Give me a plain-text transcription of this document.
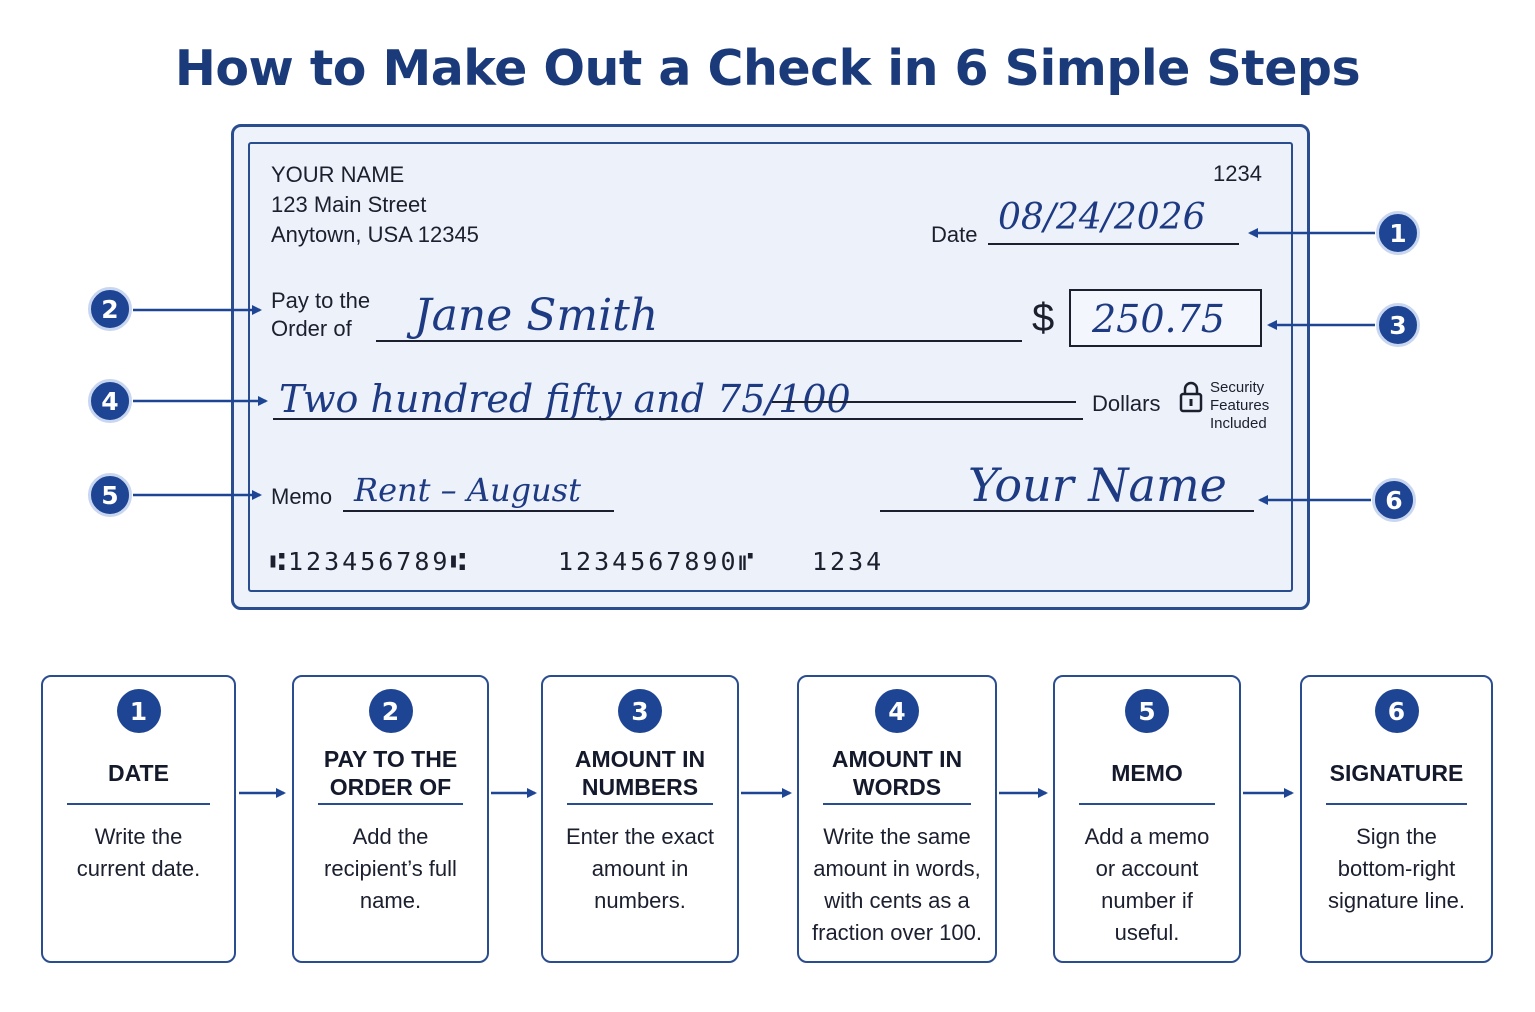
How to Make Out a Check in 6 Simple Steps
YOUR NAME
123 Main Street
Anytown, USA 12345
1234
Date 08/24/2026
Pay to the
Order of Jane Smith	$ 250.75
Two hundred fifty and 75/100	Dollars
Security
Features
Included
Memo Rent – August	Your Name
⑆123456789⑆	1234567890⑈ 1234
1
2
3
4
5	6
1
DATE
Write the
current date.
2
PAY TO THE
ORDER OF
Add the
recipient’s full
name.
3
AMOUNT IN
NUMBERS
Enter the exact
amount in
numbers.
4
AMOUNT IN
WORDS
Write the same
amount in words,
with cents as a
fraction over 100.
5
MEMO
Add a memo
or account
number if
useful.
6
SIGNATURE
Sign the
bottom-right
signature line.
